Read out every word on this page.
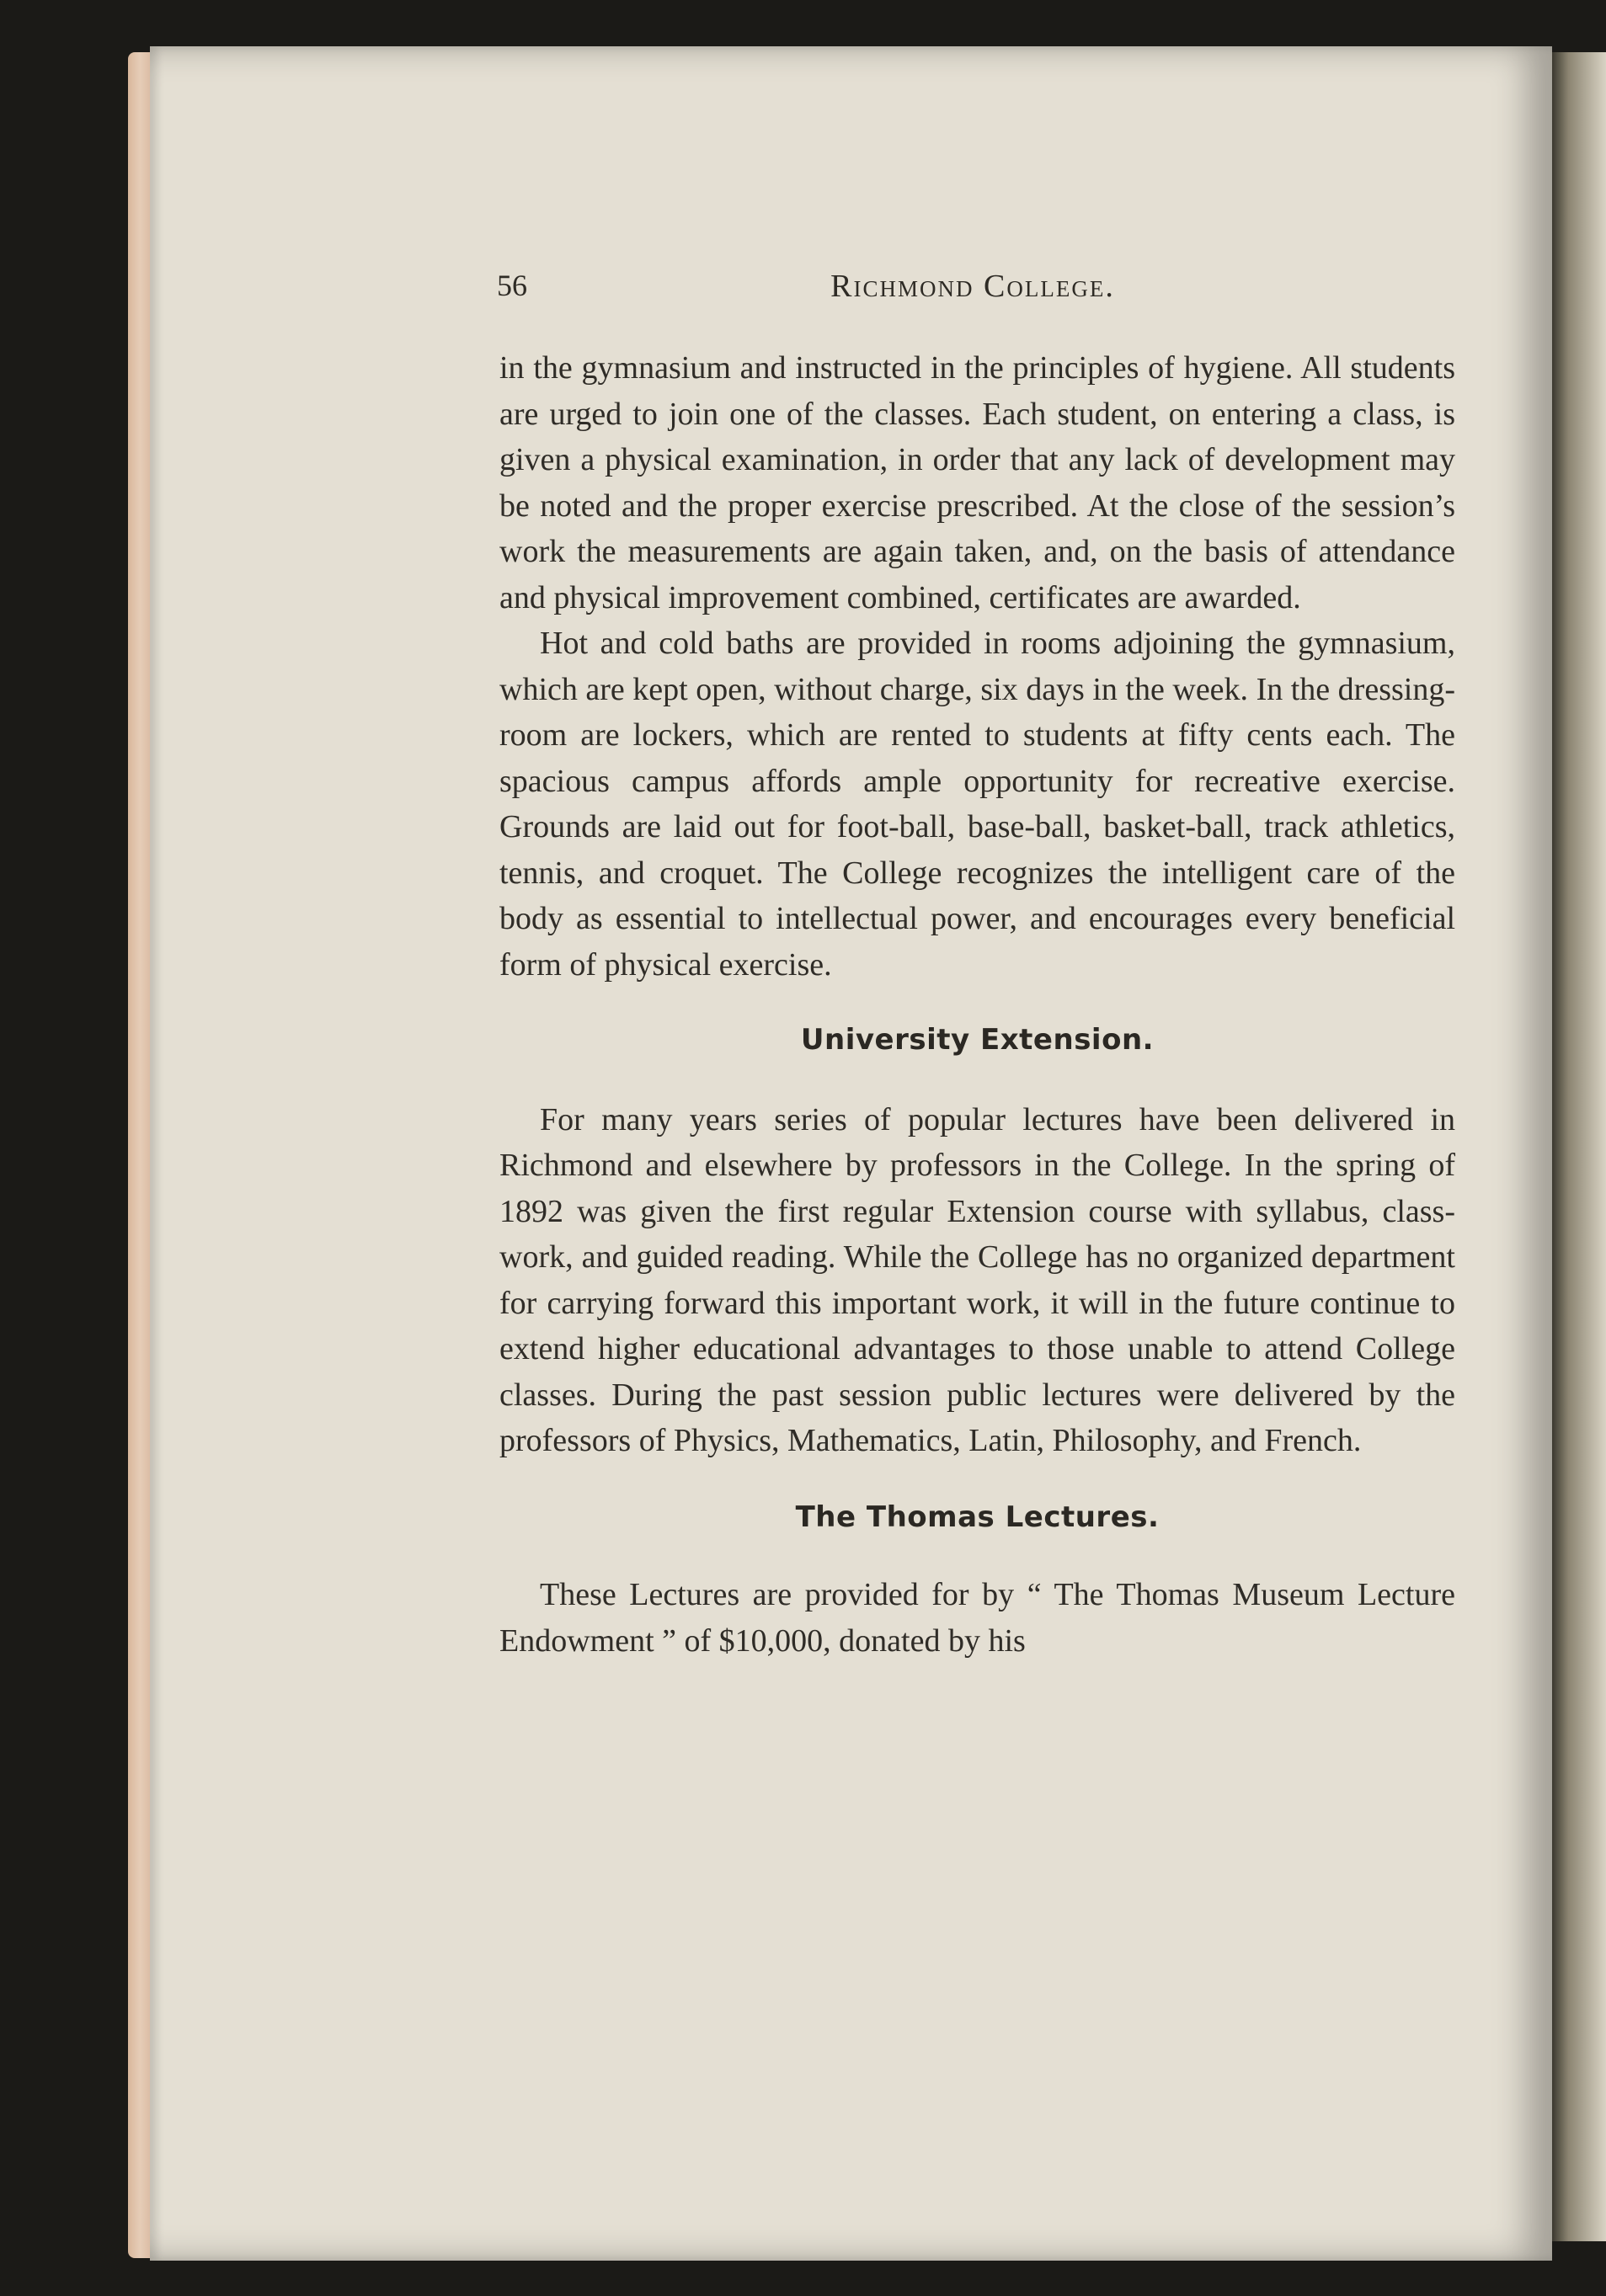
56	Richmond College.

in the gymnasium and instructed in the principles of hygiene. All students are urged to join one of the classes. Each student, on entering a class, is given a physical examination, in order that any lack of development may be noted and the proper exercise prescribed. At the close of the session’s work the measurements are again taken, and, on the basis of attendance and physical improvement combined, certificates are awarded.

Hot and cold baths are provided in rooms adjoining the gymnasium, which are kept open, without charge, six days in the week. In the dressing-room are lockers, which are rented to students at fifty cents each. The spacious campus affords ample opportunity for recreative exercise. Grounds are laid out for foot-ball, base-ball, basket-ball, track athletics, tennis, and croquet. The College recognizes the intelligent care of the body as essential to intellectual power, and encourages every beneficial form of physical exercise.

University Extension.

For many years series of popular lectures have been delivered in Richmond and elsewhere by professors in the College. In the spring of 1892 was given the first regular Extension course with syllabus, class-work, and guided reading. While the College has no organized department for carrying forward this important work, it will in the future continue to extend higher educational advantages to those unable to attend College classes. During the past session public lectures were delivered by the professors of Physics, Mathematics, Latin, Philosophy, and French.

The Thomas Lectures.

These Lectures are provided for by “ The Thomas Museum Lecture Endowment ” of $10,000, donated by his
